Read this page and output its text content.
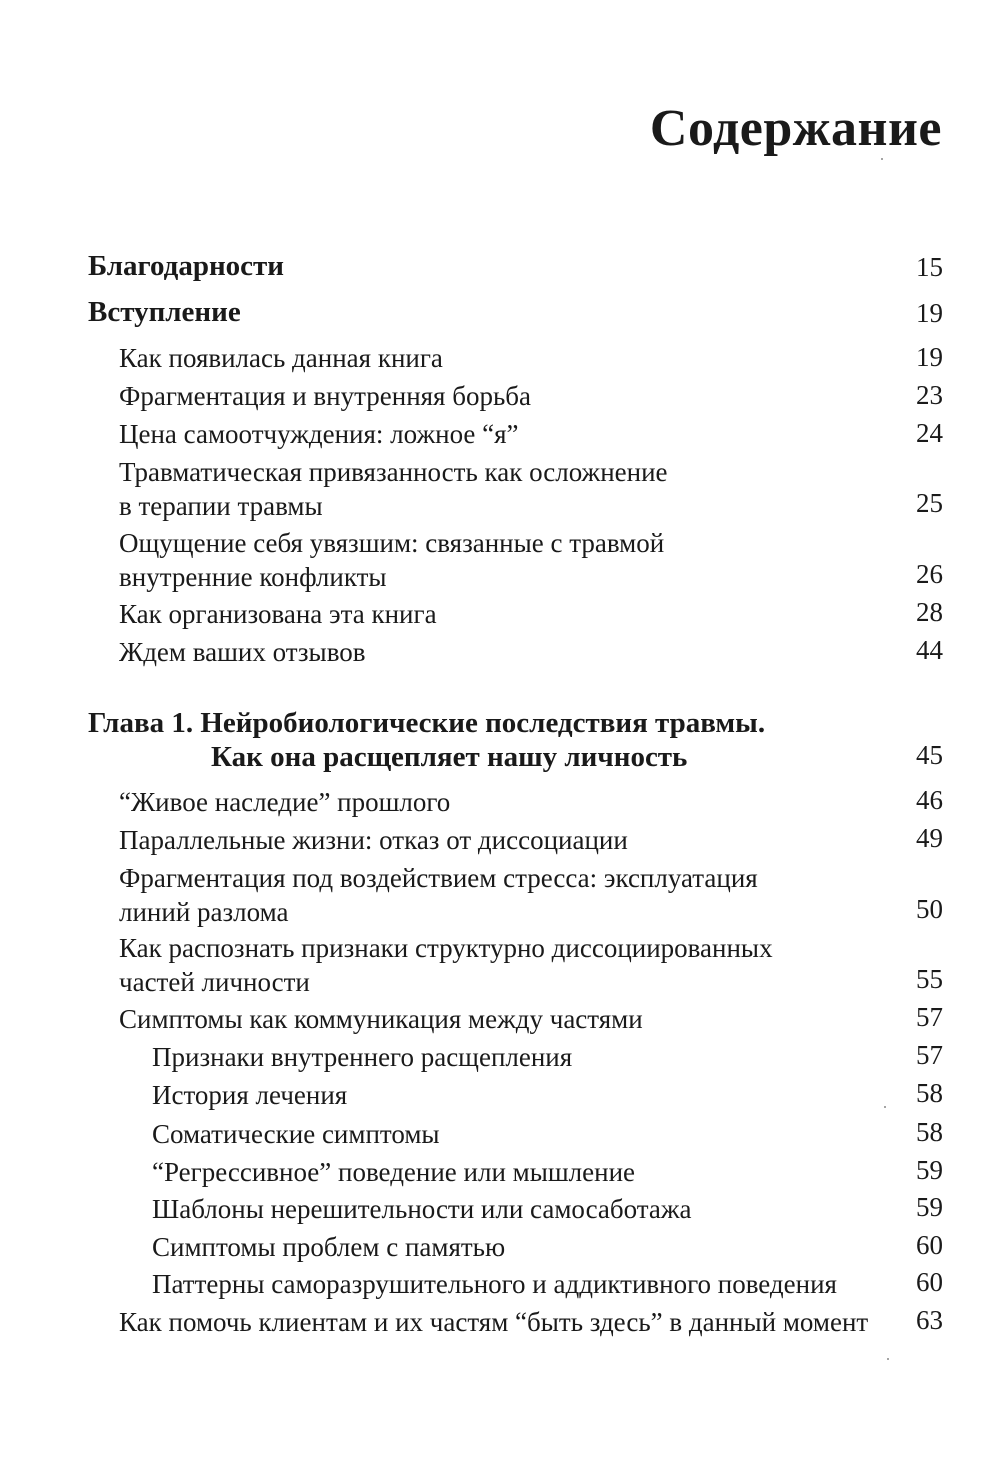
Содержание
Благодарности	15
Вступление	19
Как появилась данная книга	19
Фрагментация и внутренняя борьба	23
Цена самоотчуждения: ложное “я”	24
Травматическая привязанность как осложнение
в терапии травмы	25
Ощущение себя увязшим: связанные с травмой
внутренние конфликты	26
Как организована эта книга	28
Ждем ваших отзывов	44
Глава 1. Нейробиологические последствия травмы.
Как она расщепляет нашу личность	45
“Живое наследие” прошлого	46
Параллельные жизни: отказ от диссоциации	49
Фрагментация под воздействием стресса: эксплуатация
линий разлома	50
Как распознать признаки структурно диссоциированных
частей личности	55
Симптомы как коммуникация между частями	57
Признаки внутреннего расщепления	57
История лечения	58
Соматические симптомы	58
“Регрессивное” поведение или мышление	59
Шаблоны нерешительности или самосаботажа	59
Симптомы проблем с памятью	60
Паттерны саморазрушительного и аддиктивного поведения	60
Как помочь клиентам и их частям “быть здесь” в данный момент 63
